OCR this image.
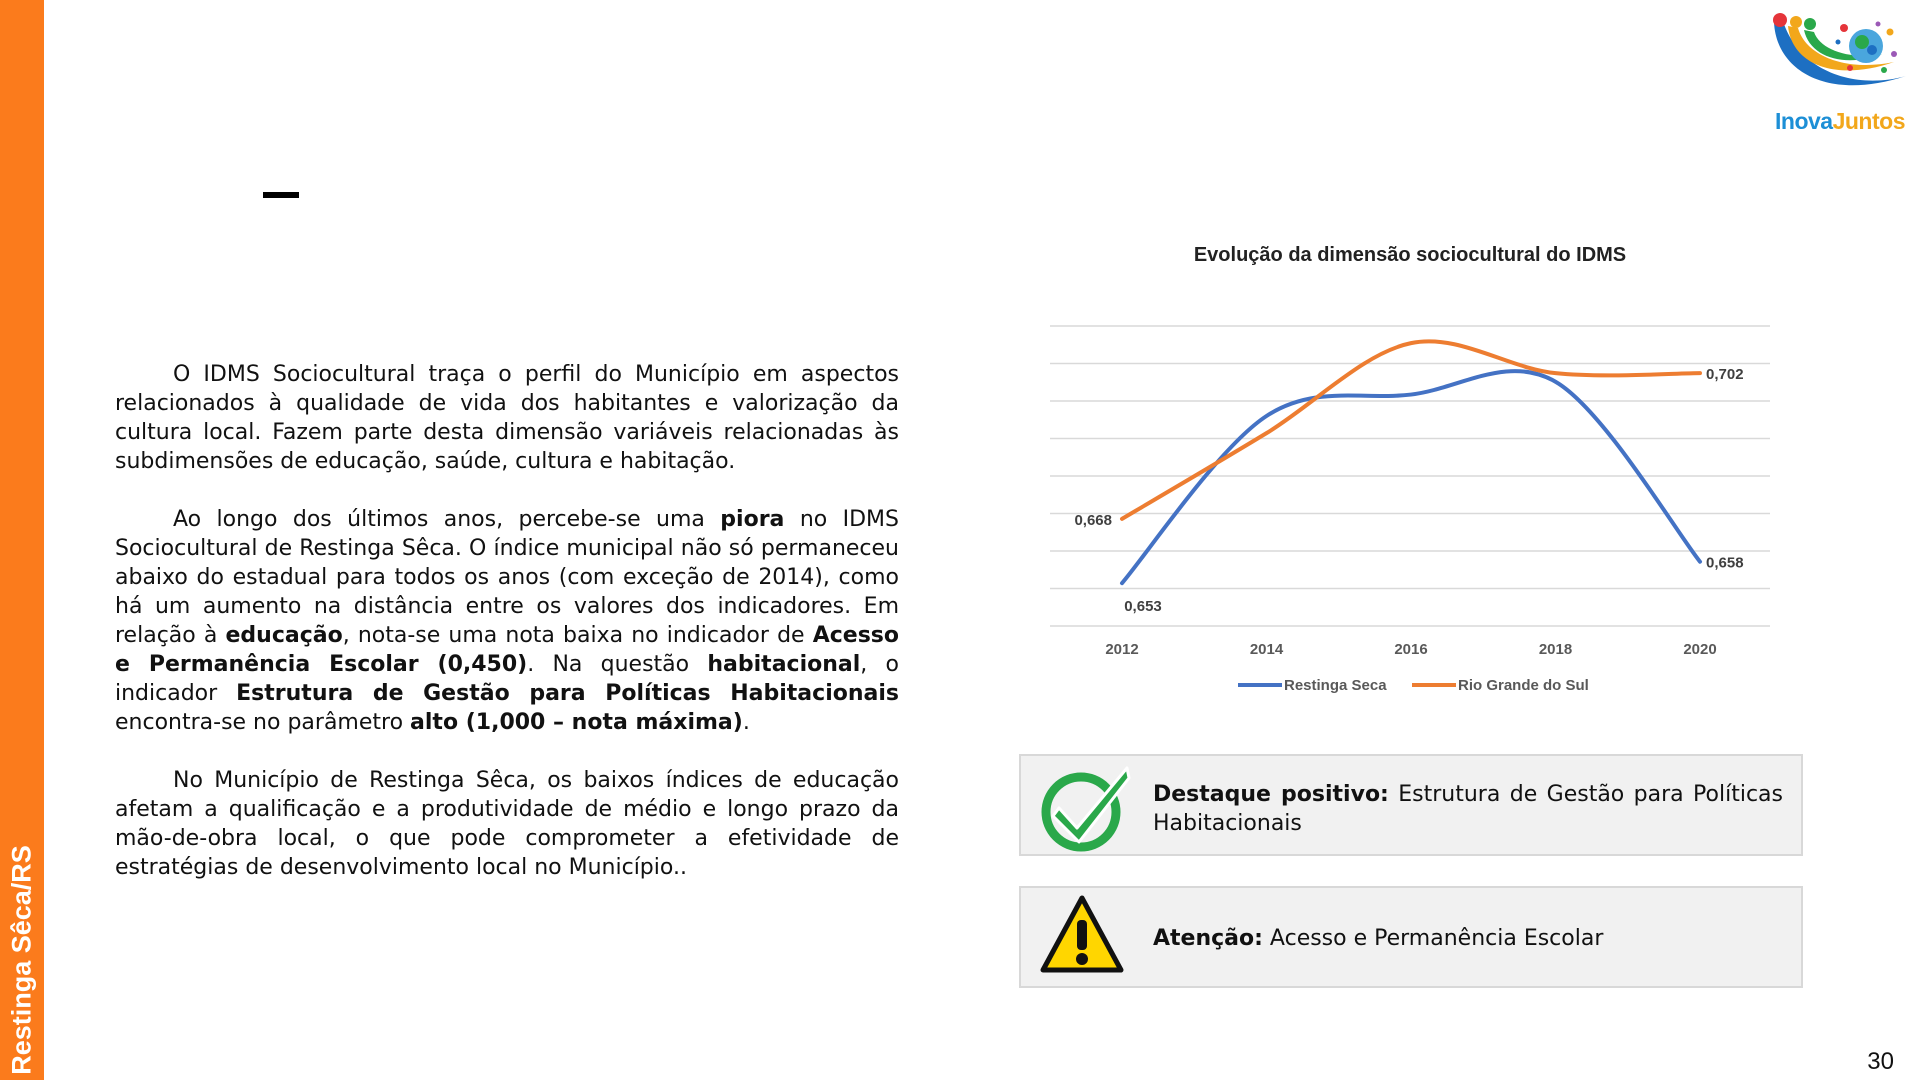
Restinga Sêca/RS
InovaJuntos

O IDMS Sociocultural traça o perfil do Município em aspectos relacionados à qualidade de vida dos habitantes e valorização da cultura local. Fazem parte desta dimensão variáveis relacionadas às subdimensões de educação, saúde, cultura e habitação.

Ao longo dos últimos anos, percebe-se uma piora no IDMS Sociocultural de Restinga Sêca. O índice municipal não só permaneceu abaixo do estadual para todos os anos (com exceção de 2014), como há um aumento na distância entre os valores dos indicadores. Em relação à educação, nota-se uma nota baixa no indicador de Acesso e Permanência Escolar (0,450). Na questão habitacional, o indicador Estrutura de Gestão para Políticas Habitacionais encontra-se no parâmetro alto (1,000 – nota máxima).

No Município de Restinga Sêca, os baixos índices de educação afetam a qualificação e a produtividade de médio e longo prazo da mão-de-obra local, o que pode comprometer a efetividade de estratégias de desenvolvimento local no Município..

Evolução da dimensão sociocultural do IDMS
2012	2014	2016	2018	2020
0,653
0,668
0,702
0,658
Restinga Seca	Rio Grande do Sul
Destaque positivo: Estrutura de Gestão para Políticas Habitacionais
Atenção: Acesso e Permanência Escolar
30
